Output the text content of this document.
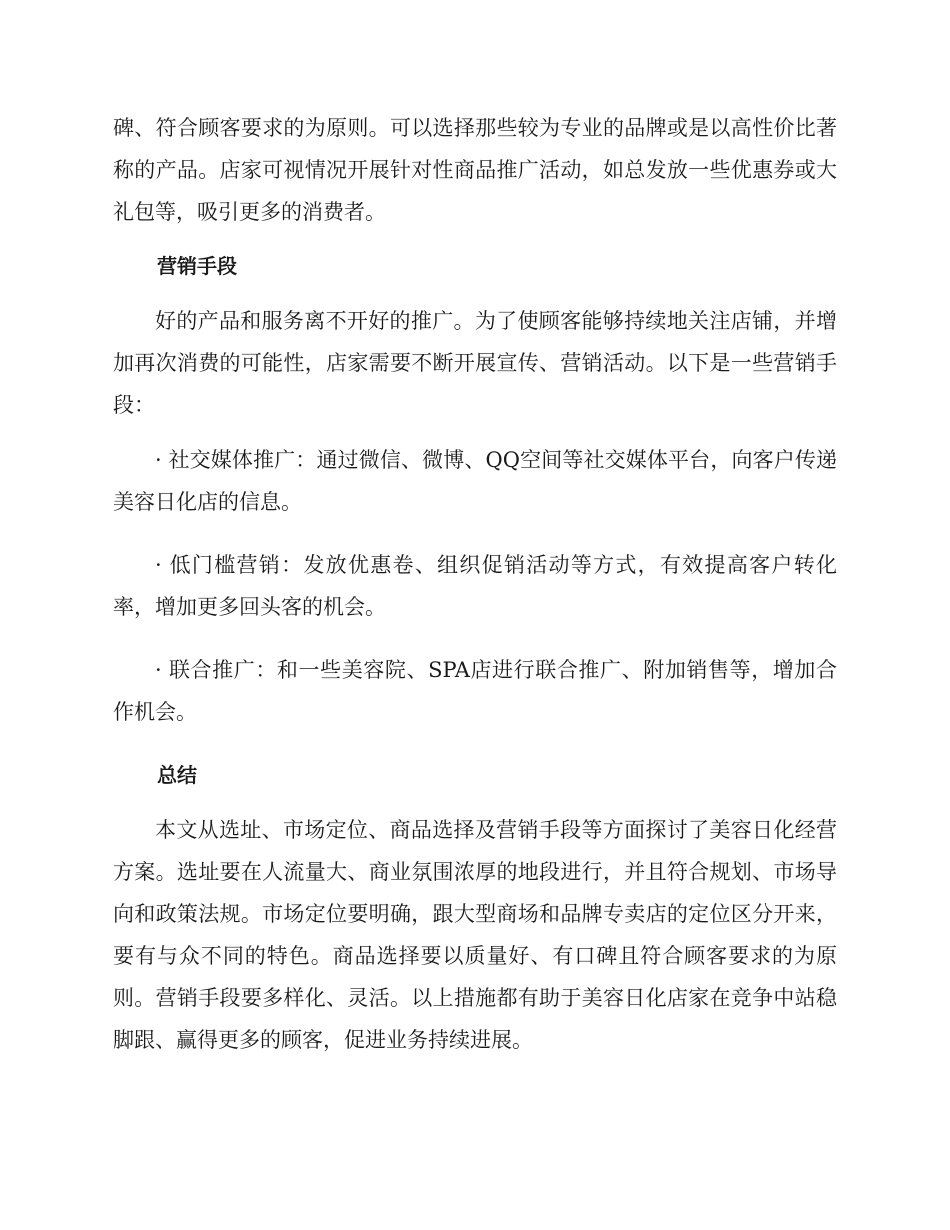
碑、符合顾客要求的为原则。可以选择那些较为专业的品牌或是以高性价比著称的产品。店家可视情况开展针对性商品推广活动，如总发放一些优惠券或大礼包等，吸引更多的消费者。

营销手段

好的产品和服务离不开好的推广。为了使顾客能够持续地关注店铺，并增加再次消费的可能性，店家需要不断开展宣传、营销活动。以下是一些营销手段：

· 社交媒体推广：通过微信、微博、QQ空间等社交媒体平台，向客户传递美容日化店的信息。

· 低门槛营销：发放优惠卷、组织促销活动等方式，有效提高客户转化率，增加更多回头客的机会。

· 联合推广：和一些美容院、SPA店进行联合推广、附加销售等，增加合作机会。

总结

本文从选址、市场定位、商品选择及营销手段等方面探讨了美容日化经营方案。选址要在人流量大、商业氛围浓厚的地段进行，并且符合规划、市场导向和政策法规。市场定位要明确，跟大型商场和品牌专卖店的定位区分开来，要有与众不同的特色。商品选择要以质量好、有口碑且符合顾客要求的为原则。营销手段要多样化、灵活。以上措施都有助于美容日化店家在竞争中站稳脚跟、赢得更多的顾客，促进业务持续进展。
